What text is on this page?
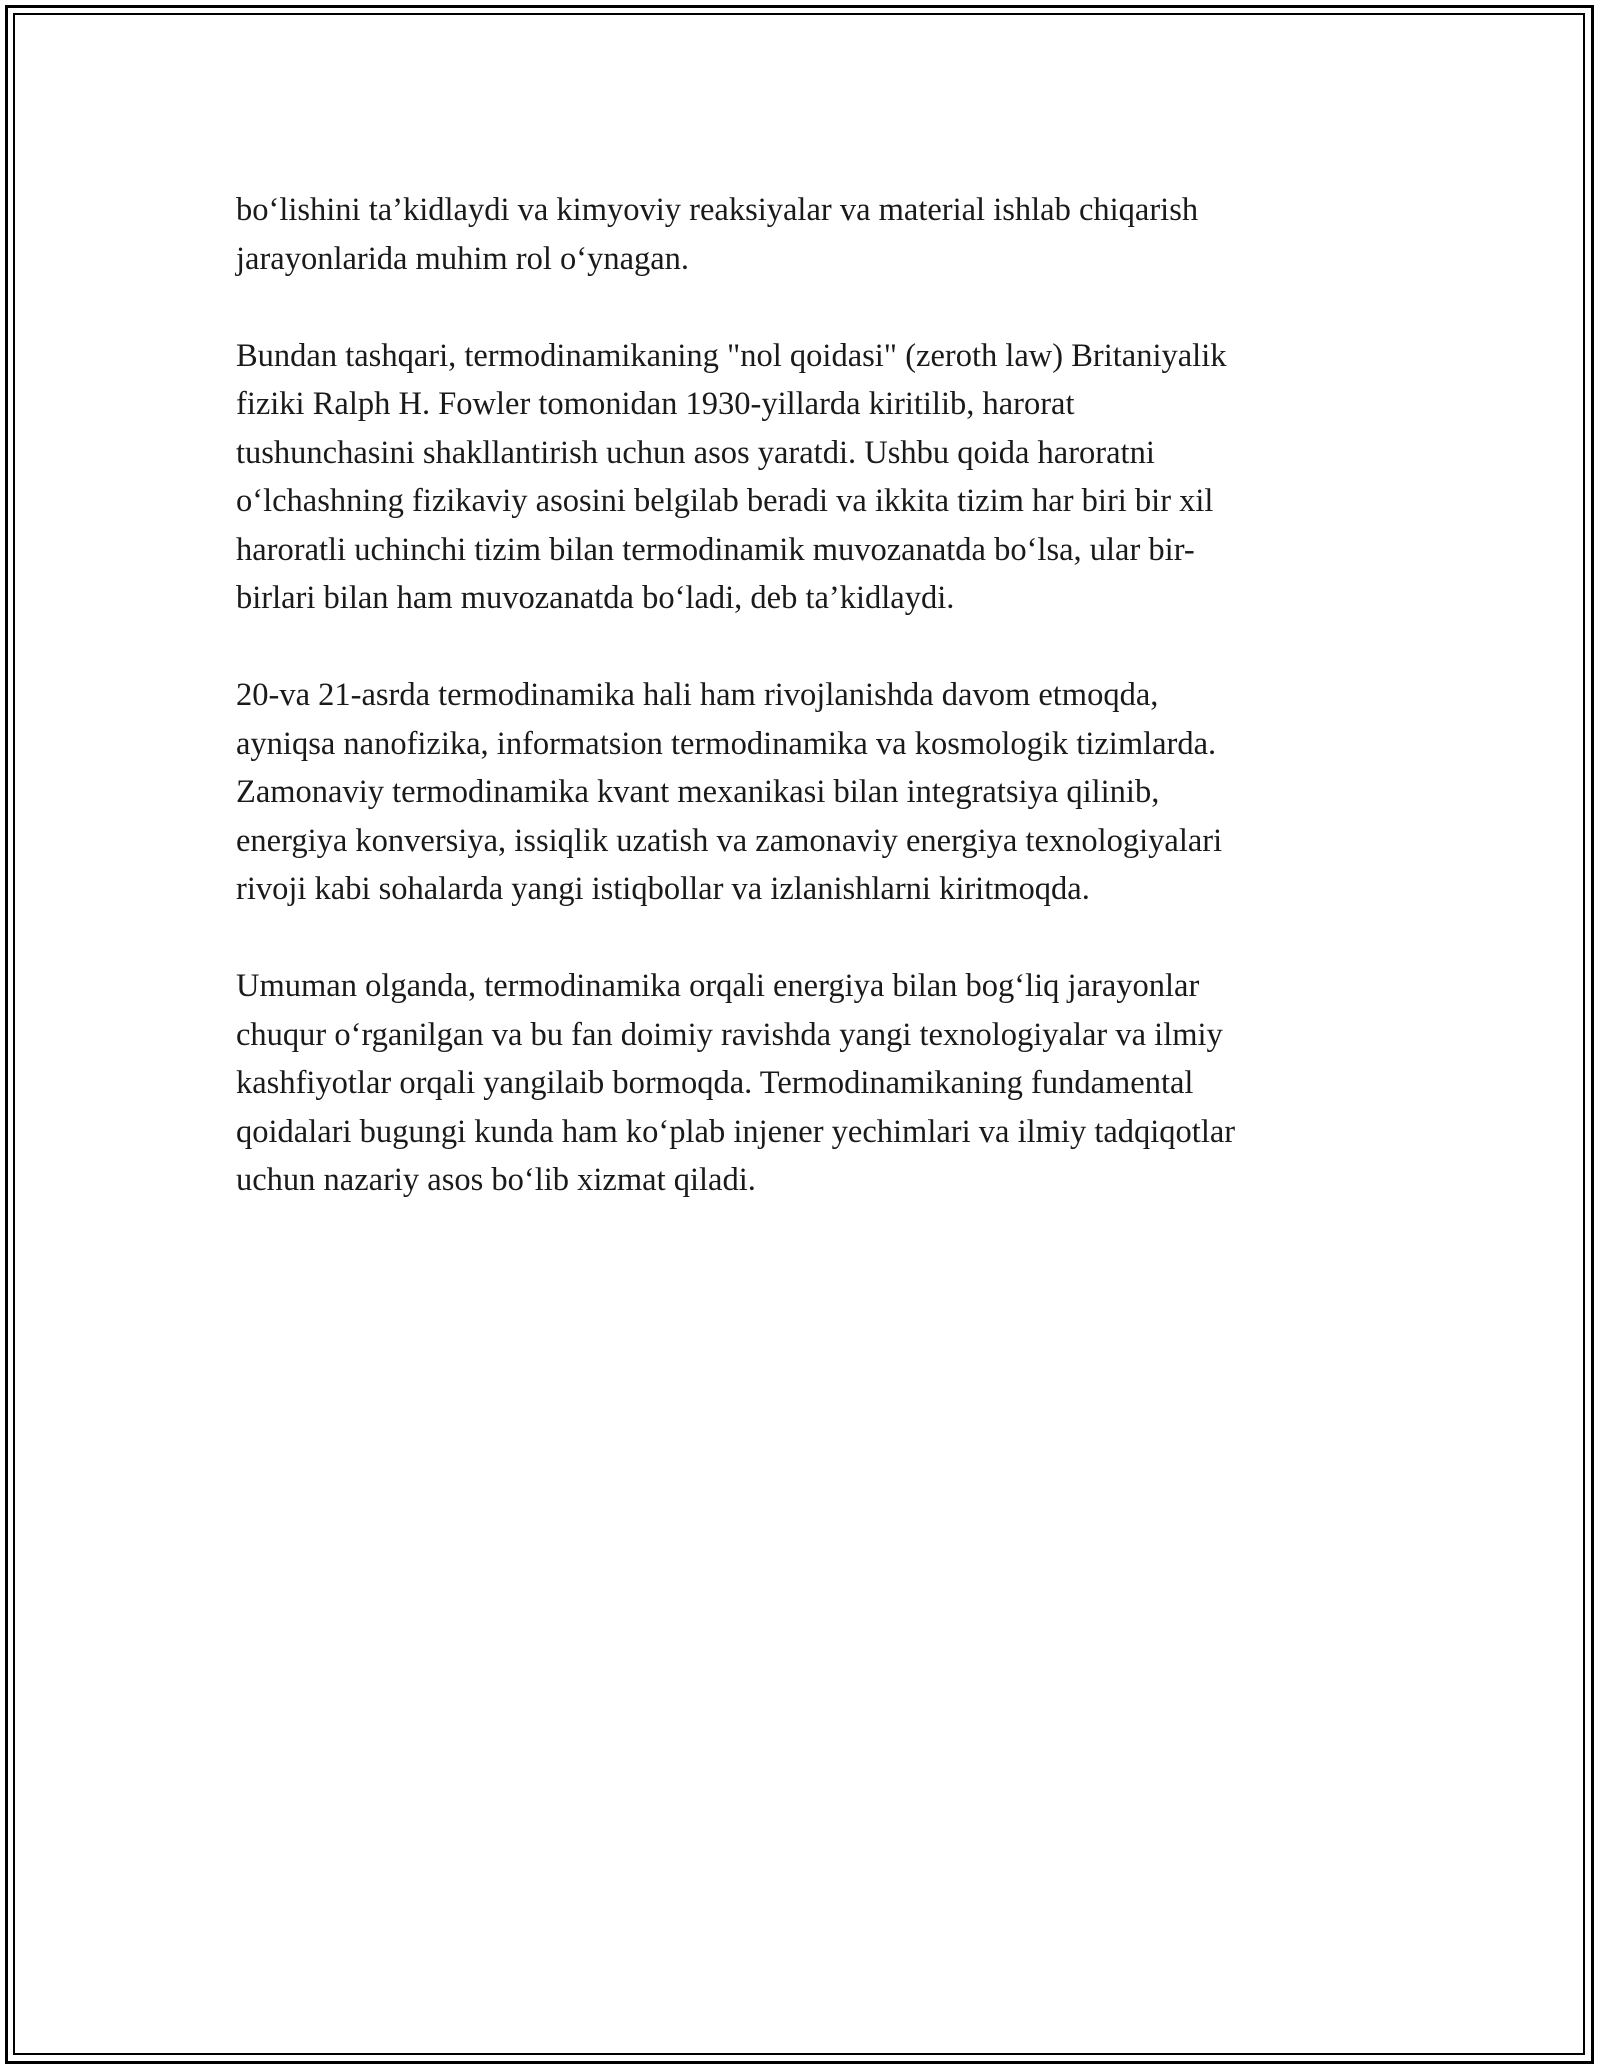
bo‘lishini ta’kidlaydi va kimyoviy reaksiyalar va material ishlab chiqarish
jarayonlarida muhim rol o‘ynagan.

Bundan tashqari, termodinamikaning "nol qoidasi" (zeroth law) Britaniyalik
fiziki Ralph H. Fowler tomonidan 1930-yillarda kiritilib, harorat
tushunchasini shakllantirish uchun asos yaratdi. Ushbu qoida haroratni
o‘lchashning fizikaviy asosini belgilab beradi va ikkita tizim har biri bir xil
haroratli uchinchi tizim bilan termodinamik muvozanatda bo‘lsa, ular bir-
birlari bilan ham muvozanatda bo‘ladi, deb ta’kidlaydi.

20-va 21-asrda termodinamika hali ham rivojlanishda davom etmoqda,
ayniqsa nanofizika, informatsion termodinamika va kosmologik tizimlarda.
Zamonaviy termodinamika kvant mexanikasi bilan integratsiya qilinib,
energiya konversiya, issiqlik uzatish va zamonaviy energiya texnologiyalari
rivoji kabi sohalarda yangi istiqbollar va izlanishlarni kiritmoqda.

Umuman olganda, termodinamika orqali energiya bilan bog‘liq jarayonlar
chuqur o‘rganilgan va bu fan doimiy ravishda yangi texnologiyalar va ilmiy
kashfiyotlar orqali yangilaib bormoqda. Termodinamikaning fundamental
qoidalari bugungi kunda ham ko‘plab injener yechimlari va ilmiy tadqiqotlar
uchun nazariy asos bo‘lib xizmat qiladi.
